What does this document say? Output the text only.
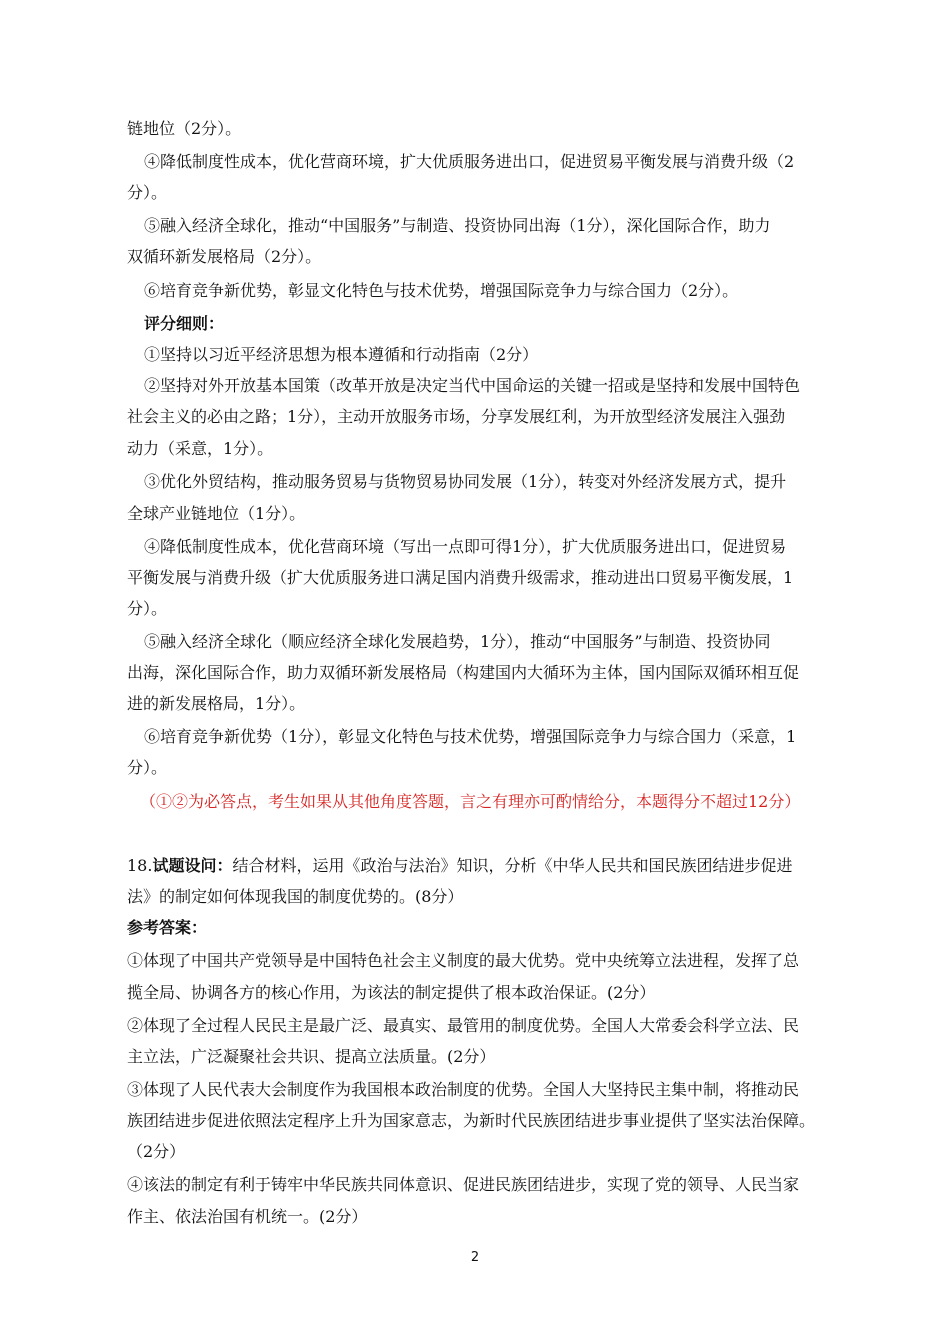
链地位（2分）。
④降低制度性成本，优化营商环境，扩大优质服务进出口，促进贸易平衡发展与消费升级（2
分）。
⑤融入经济全球化，推动“中国服务”与制造、投资协同出海（1分），深化国际合作，助力
双循环新发展格局（2分）。
⑥培育竞争新优势，彰显文化特色与技术优势，增强国际竞争力与综合国力（2分）。
评分细则：
①坚持以习近平经济思想为根本遵循和行动指南（2分）
②坚持对外开放基本国策（改革开放是决定当代中国命运的关键一招或是坚持和发展中国特色
社会主义的必由之路；1分），主动开放服务市场，分享发展红利，为开放型经济发展注入强劲
动力（采意，1分）。
③优化外贸结构，推动服务贸易与货物贸易协同发展（1分），转变对外经济发展方式，提升
全球产业链地位（1分）。
④降低制度性成本，优化营商环境（写出一点即可得1分），扩大优质服务进出口，促进贸易
平衡发展与消费升级（扩大优质服务进口满足国内消费升级需求，推动进出口贸易平衡发展，1
分）。
⑤融入经济全球化（顺应经济全球化发展趋势，1分），推动“中国服务”与制造、投资协同
出海，深化国际合作，助力双循环新发展格局（构建国内大循环为主体，国内国际双循环相互促
进的新发展格局，1分）。
⑥培育竞争新优势（1分），彰显文化特色与技术优势，增强国际竞争力与综合国力（采意，1
分）。
（①②为必答点，考生如果从其他角度答题，言之有理亦可酌情给分，本题得分不超过12分）
18.试题设问：结合材料，运用《政治与法治》知识，分析《中华人民共和国民族团结进步促进
法》的制定如何体现我国的制度优势的。(8分）
参考答案：
①体现了中国共产党领导是中国特色社会主义制度的最大优势。党中央统筹立法进程，发挥了总
揽全局、协调各方的核心作用，为该法的制定提供了根本政治保证。(2分）
②体现了全过程人民民主是最广泛、最真实、最管用的制度优势。全国人大常委会科学立法、民
主立法，广泛凝聚社会共识、提高立法质量。(2分）
③体现了人民代表大会制度作为我国根本政治制度的优势。全国人大坚持民主集中制，将推动民
族团结进步促进依照法定程序上升为国家意志，为新时代民族团结进步事业提供了坚实法治保障。
（2分）
④该法的制定有利于铸牢中华民族共同体意识、促进民族团结进步，实现了党的领导、人民当家
作主、依法治国有机统一。(2分）
2
